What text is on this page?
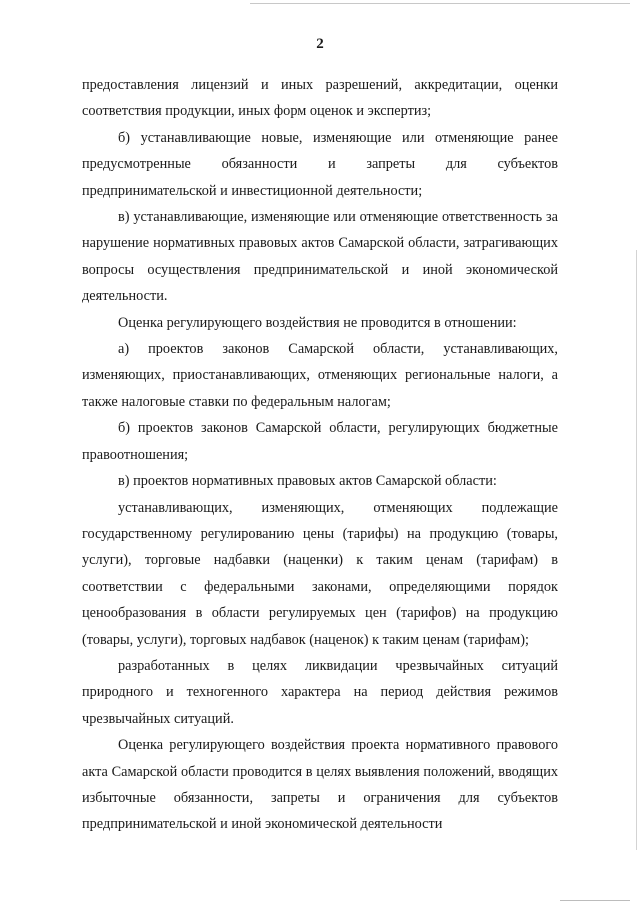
2

предоставления лицензий и иных разрешений, аккредитации, оценки соответствия продукции, иных форм оценок и экспертиз;

б) устанавливающие новые, изменяющие или отменяющие ранее предусмотренные обязанности и запреты для субъектов предпринимательской и инвестиционной деятельности;

в) устанавливающие, изменяющие или отменяющие ответственность за нарушение нормативных правовых актов Самарской области, затрагивающих вопросы осуществления предпринимательской и иной экономической деятельности.

Оценка регулирующего воздействия не проводится в отношении:

а) проектов законов Самарской области, устанавливающих, изменяющих, приостанавливающих, отменяющих региональные налоги, а также налоговые ставки по федеральным налогам;

б) проектов законов Самарской области, регулирующих бюджетные правоотношения;

в) проектов нормативных правовых актов Самарской области:

устанавливающих, изменяющих, отменяющих подлежащие государственному регулированию цены (тарифы) на продукцию (товары, услуги), торговые надбавки (наценки) к таким ценам (тарифам) в соответствии с федеральными законами, определяющими порядок ценообразования в области регулируемых цен (тарифов) на продукцию (товары, услуги), торговых надбавок (наценок) к таким ценам (тарифам);

разработанных в целях ликвидации чрезвычайных ситуаций природного и техногенного характера на период действия режимов чрезвычайных ситуаций.

Оценка регулирующего воздействия проекта нормативного правового акта Самарской области проводится в целях выявления положений, вводящих избыточные обязанности, запреты и ограничения для субъектов предпринимательской и иной экономической деятельности
